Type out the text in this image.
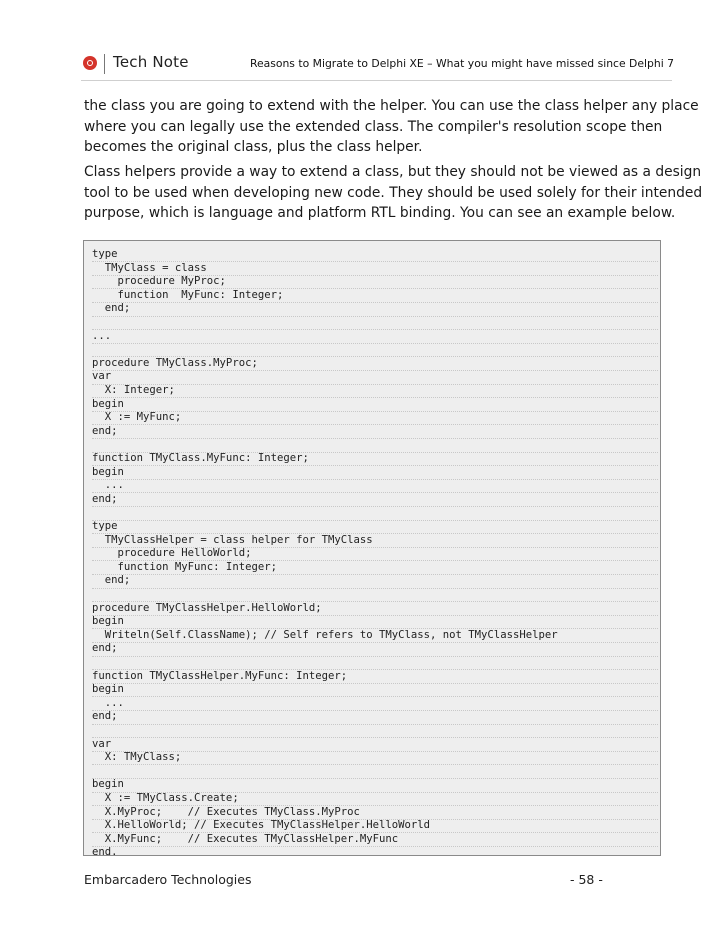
Tech Note	Reasons to Migrate to Delphi XE – What you might have missed since Delphi 7
the class you are going to extend with the helper. You can use the class helper any place
where you can legally use the extended class. The compiler's resolution scope then
becomes the original class, plus the class helper.
Class helpers provide a way to extend a class, but they should not be viewed as a design
tool to be used when developing new code. They should be used solely for their intended
purpose, which is language and platform RTL binding. You can see an example below.
type
TMyClass = class
procedure MyProc;
function  MyFunc: Integer;
end;
...
procedure TMyClass.MyProc;
var
X: Integer;
begin
X := MyFunc;
end;
function TMyClass.MyFunc: Integer;
begin
...
end;
type
TMyClassHelper = class helper for TMyClass
procedure HelloWorld;
function MyFunc: Integer;
end;
procedure TMyClassHelper.HelloWorld;
begin
Writeln(Self.ClassName); // Self refers to TMyClass, not TMyClassHelper
end;
function TMyClassHelper.MyFunc: Integer;
begin
...
end;
var
X: TMyClass;
begin
X := TMyClass.Create;
X.MyProc;    // Executes TMyClass.MyProc
X.HelloWorld; // Executes TMyClassHelper.HelloWorld
X.MyFunc;    // Executes TMyClassHelper.MyFunc
end.
Embarcadero Technologies	- 58 -
